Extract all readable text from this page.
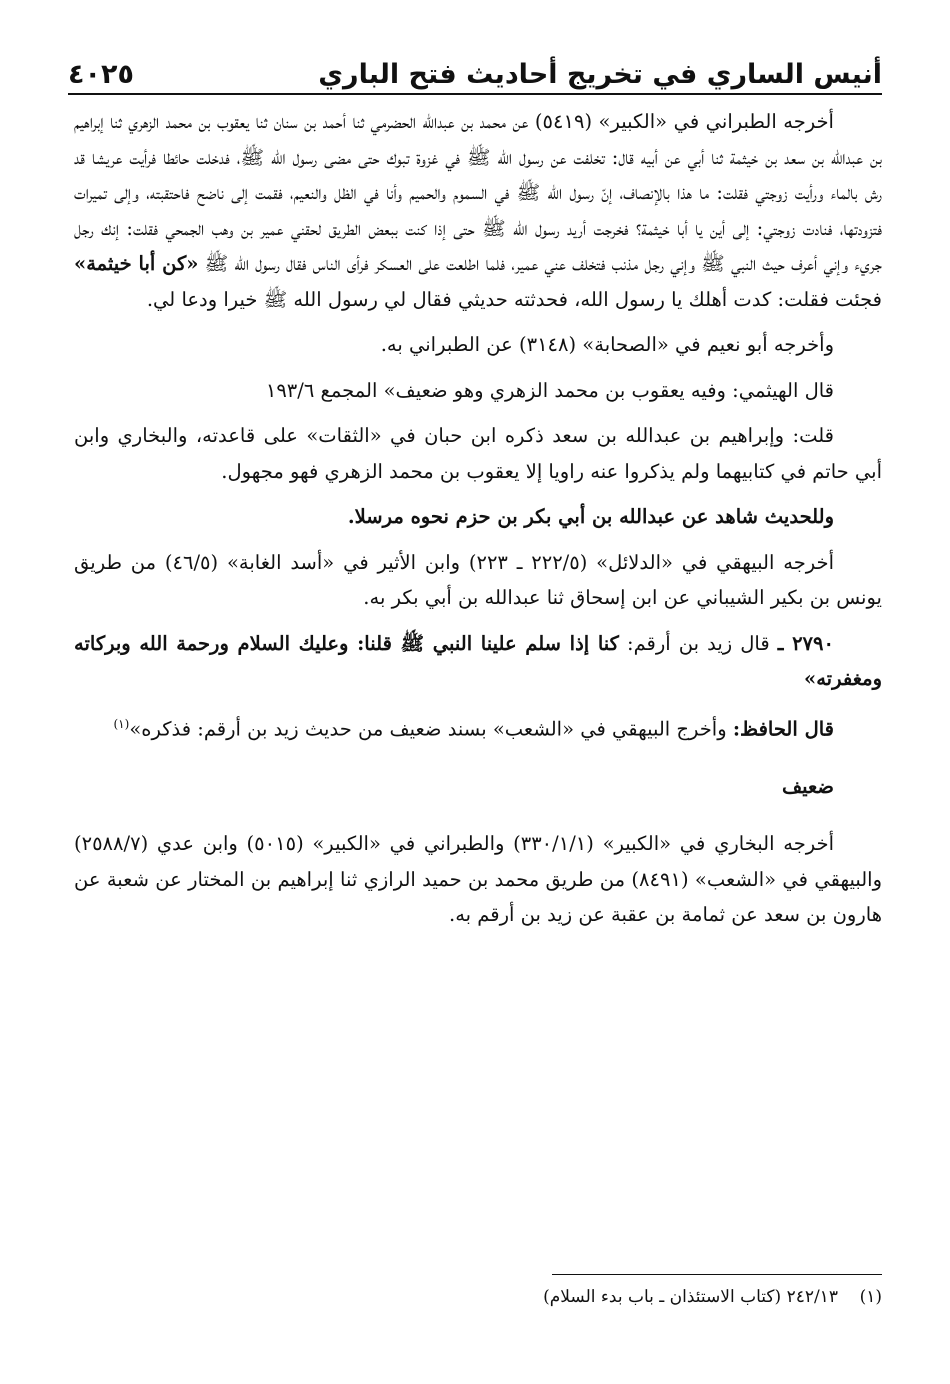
أنيس الساري في تخريج أحاديث فتح الباري
٤٠٢٥

أخرجه الطبراني في «الكبير» (٥٤١٩) عن محمد بن عبدالله الحضرمي ثنا أحمد بن سنان ثنا يعقوب بن محمد الزهري ثنا إبراهيم بن عبدالله بن سعد بن خيثمة ثنا أبي عن أبيه قال: تخلفت عن رسول الله ﷺ في غزوة تبوك حتى مضى رسول الله ﷺ، فدخلت حائطا فرأيت عريشا قد رش بالماء ورأيت زوجتي فقلت: ما هذا بالإنصاف، إنّ رسول الله ﷺ في السموم والحميم وأنا في الظل والنعيم، فقمت إلى ناضح فاحتقبته، وإلى تميرات فتزودتها، فنادت زوجتي: إلى أين يا أبا خيثمة؟ فخرجت أريد رسول الله ﷺ حتى إذا كنت ببعض الطريق لحقني عمير بن وهب الجمحي فقلت: إنك رجل جريء وإني أعرف حيث النبي ﷺ وإني رجل مذنب فتخلف عني عمير، فلما اطلعت على العسكر فرأى الناس فقال رسول الله ﷺ «كن أبا خيثمة» فجئت فقلت: كدت أهلك يا رسول الله، فحدثته حديثي فقال لي رسول الله ﷺ خيرا ودعا لي.

وأخرجه أبو نعيم في «الصحابة» (٣١٤٨) عن الطبراني به.

قال الهيثمي: وفيه يعقوب بن محمد الزهري وهو ضعيف» المجمع ١٩٣/٦

قلت: وإبراهيم بن عبدالله بن سعد ذكره ابن حبان في «الثقات» على قاعدته، والبخاري وابن أبي حاتم في كتابيهما ولم يذكروا عنه راويا إلا يعقوب بن محمد الزهري فهو مجهول.

وللحديث شاهد عن عبدالله بن أبي بكر بن حزم نحوه مرسلا.

أخرجه البيهقي في «الدلائل» (٢٢٢/٥ ـ ٢٢٣) وابن الأثير في «أسد الغابة» (٤٦/٥) من طريق يونس بن بكير الشيباني عن ابن إسحاق ثنا عبدالله بن أبي بكر به.

٢٧٩٠ ـ قال زيد بن أرقم: كنا إذا سلم علينا النبي ﷺ قلنا: وعليك السلام ورحمة الله وبركاته ومغفرته»

قال الحافظ: وأخرج البيهقي في «الشعب» بسند ضعيف من حديث زيد بن أرقم: فذكره»$^{(١)}$

ضعيف

أخرجه البخاري في «الكبير» (٣٣٠/١/١) والطبراني في «الكبير» (٥٠١٥) وابن عدي (٢٥٨٨/٧) والبيهقي في «الشعب» (٨٤٩١) من طريق محمد بن حميد الرازي ثنا إبراهيم بن المختار عن شعبة عن هارون بن سعد عن ثمامة بن عقبة عن زيد بن أرقم به.

(١)    ٢٤٢/١٣ (كتاب الاستئذان ـ باب بدء السلام)
